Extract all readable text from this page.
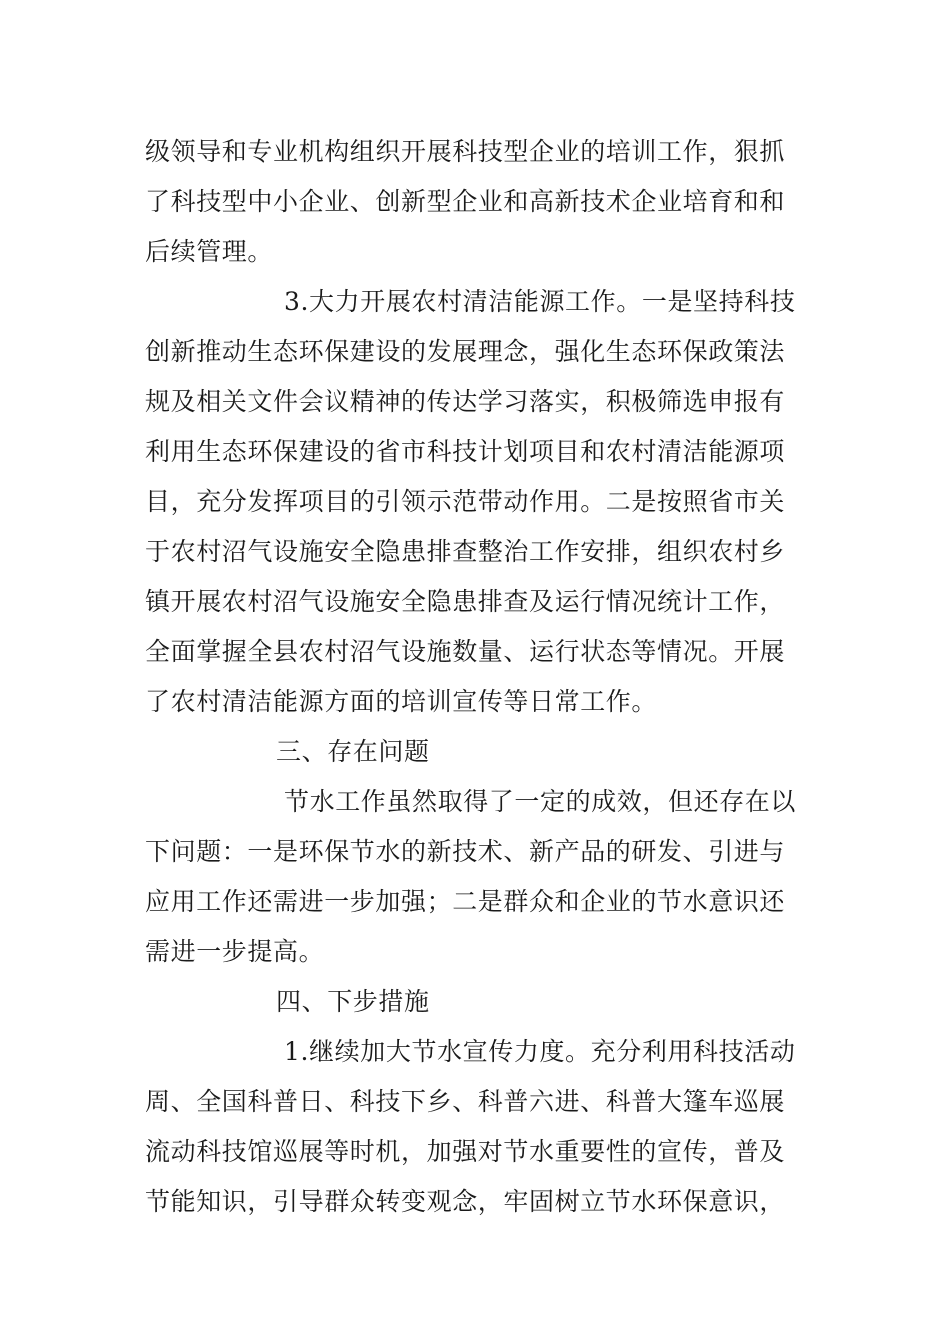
级领导和专业机构组织开展科技型企业的培训工作，狠抓
了科技型中小企业、创新型企业和高新技术企业培育和和
后续管理。
3.大力开展农村清洁能源工作。一是坚持科技
创新推动生态环保建设的发展理念，强化生态环保政策法
规及相关文件会议精神的传达学习落实，积极筛选申报有
利用生态环保建设的省市科技计划项目和农村清洁能源项
目，充分发挥项目的引领示范带动作用。二是按照省市关
于农村沼气设施安全隐患排查整治工作安排，组织农村乡
镇开展农村沼气设施安全隐患排查及运行情况统计工作，
全面掌握全县农村沼气设施数量、运行状态等情况。开展
了农村清洁能源方面的培训宣传等日常工作。
三、存在问题
节水工作虽然取得了一定的成效，但还存在以
下问题：一是环保节水的新技术、新产品的研发、引进与
应用工作还需进一步加强；二是群众和企业的节水意识还
需进一步提高。
四、下步措施
1.继续加大节水宣传力度。充分利用科技活动
周、全国科普日、科技下乡、科普六进、科普大篷车巡展
流动科技馆巡展等时机，加强对节水重要性的宣传，普及
节能知识，引导群众转变观念，牢固树立节水环保意识，
